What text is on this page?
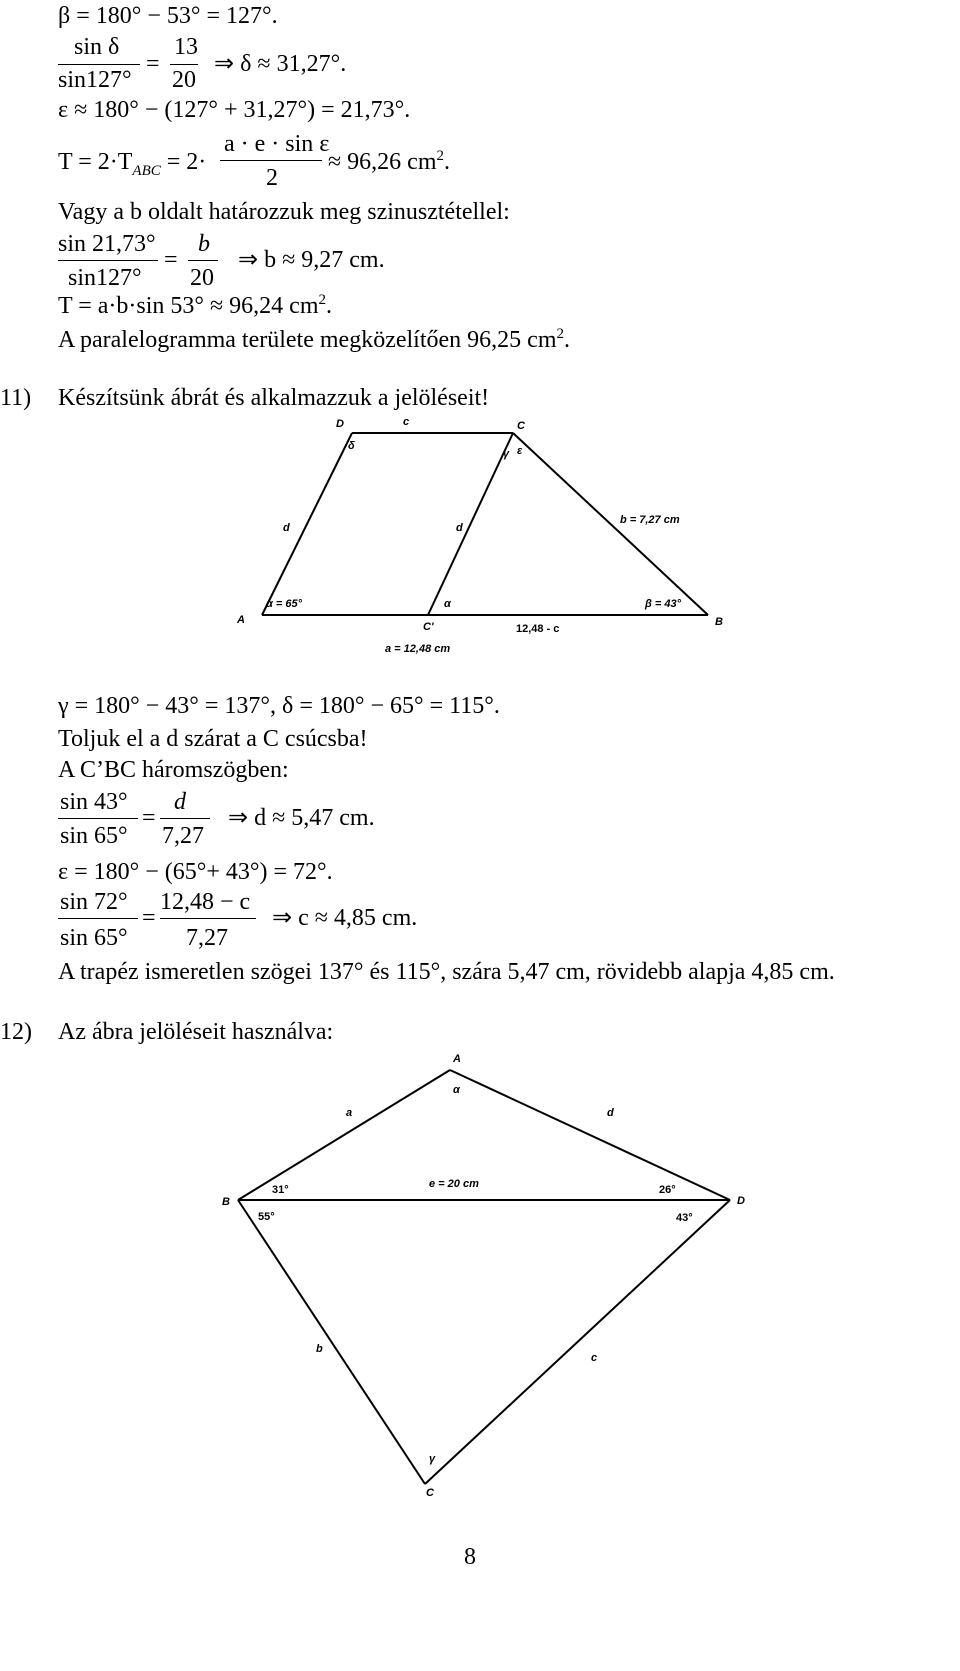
β = 180° − 53° = 127°.
sin δ
sin127°
=
13
20
⇒ δ ≈ 31,27°.
ε ≈ 180° − (127° + 31,27°) = 21,73°.
$T = 2\cdot T_{ABC} = 2\cdot$
a · e · sin ε
2
≈ 96,26 $cm^2$.
Vagy a b oldalt határozzuk meg szinusztétellel:
sin 21,73°
sin127°
=
b
20
⇒ b ≈ 9,27 cm.
T = a·b·sin 53° ≈ 96,24 $cm^2$.
A paralelogramma területe megközelítően 96,25 $cm^2$.
11) Készítsünk ábrát és alkalmazzuk a jelöléseit!
D	c	C
δ
γ ε
d	d
b = 7,27 cm
α = 65°	α	β = 43°
A
C'	12,48 - c
B
a = 12,48 cm
γ = 180° − 43° = 137°, δ = 180° − 65° = 115°.
Toljuk el a d szárat a C csúcsba!
A C’BC háromszögben:
sin 43°
sin 65°
=
d
7,27
⇒ d ≈ 5,47 cm.
ε = 180° − (65°+ 43°) = 72°.
sin 72°
sin 65°
=
12,48 − c
7,27
⇒ c ≈ 4,85 cm.
A trapéz ismeretlen szögei 137° és 115°, szára 5,47 cm, rövidebb alapja 4,85 cm.
12) Az ábra jelöléseit használva:
A
α
a	d
B
31°	e = 20 cm	26°
D
55°	43°
b
c
γ
C
8
